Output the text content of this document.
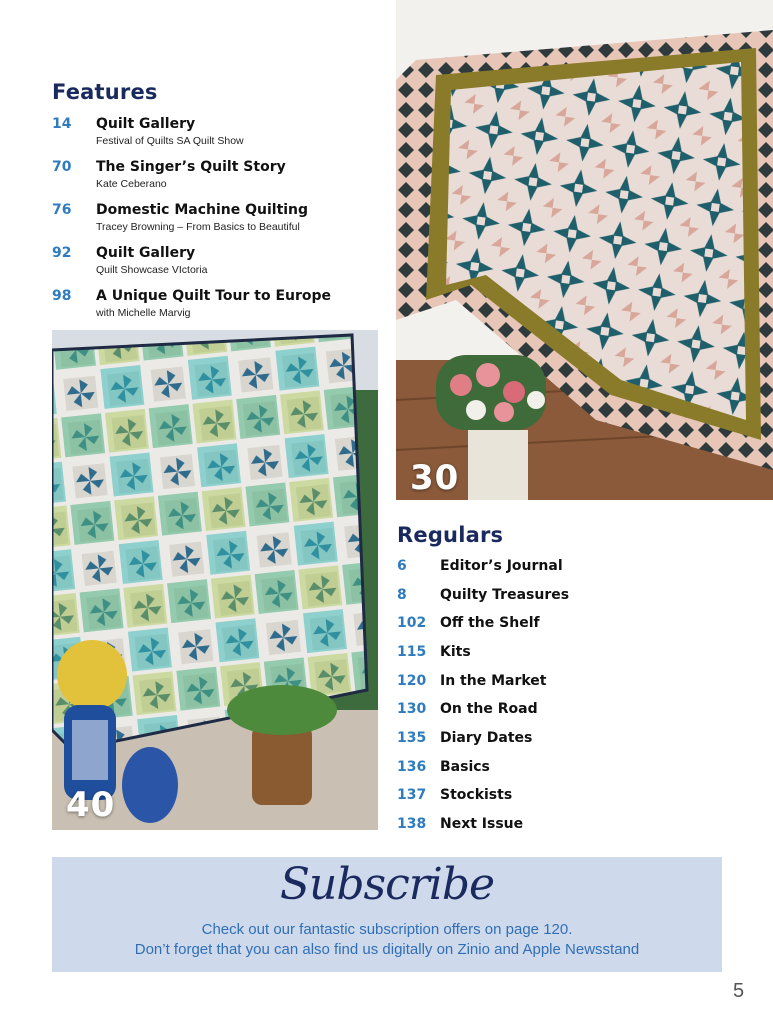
Features
14 Quilt Gallery
Festival of Quilts SA Quilt Show
70 The Singer’s Quilt Story
Kate Ceberano
76 Domestic Machine Quilting
Tracey Browning – From Basics to Beautiful
92 Quilt Gallery
Quilt Showcase VIctoria
98 A Unique Quilt Tour to Europe
with Michelle Marvig
30
40
Regulars
6 Editor’s Journal
8 Quilty Treasures
102 Off the Shelf
115 Kits
120 In the Market
130 On the Road
135 Diary Dates
136 Basics
137 Stockists
138 Next Issue
Subscribe
Check out our fantastic subscription offers on page 120.
Don’t forget that you can also find us digitally on Zinio and Apple Newsstand
5
